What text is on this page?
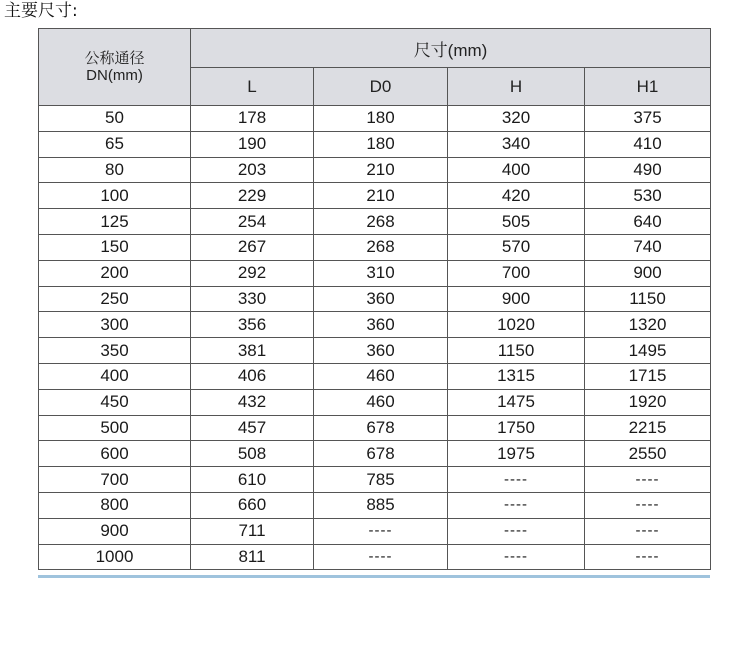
主要尺寸:
公称通径
DN(mm)	尺寸(mm)			
	L	D0	H	H1
50	178	180	320	375
65	190	180	340	410
80	203	210	400	490
100	229	210	420	530
125	254	268	505	640
150	267	268	570	740
200	292	310	700	900
250	330	360	900	1150
300	356	360	1020	1320
350	381	360	1150	1495
400	406	460	1315	1715
450	432	460	1475	1920
500	457	678	1750	2215
600	508	678	1975	2550
700	610	785	----	----
800	660	885	----	----
900	711	----	----	----
1000	811	----	----	----
